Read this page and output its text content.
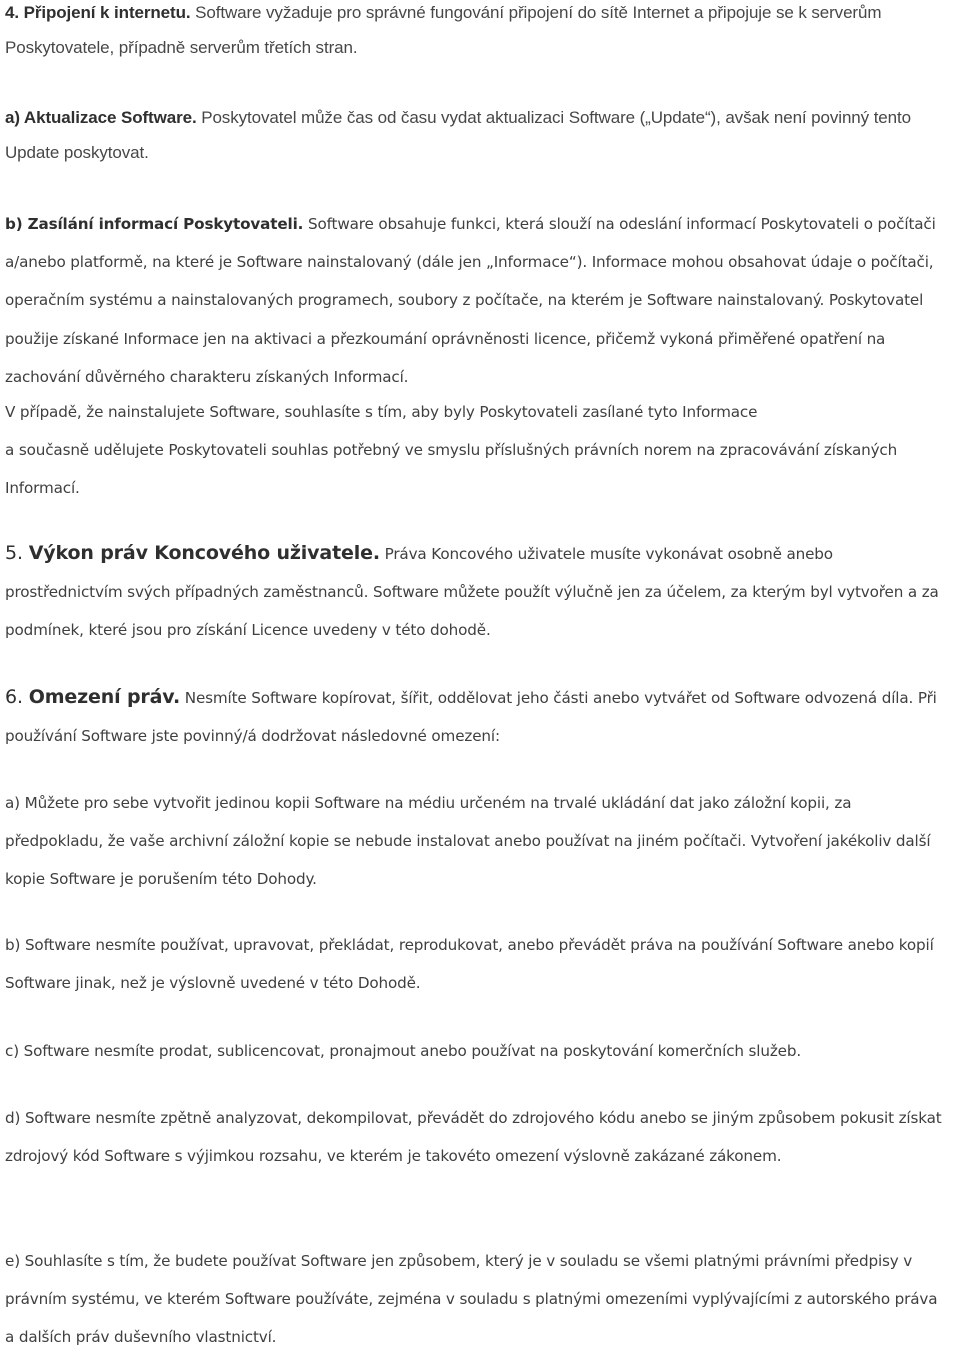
4. Připojení k internetu. Software vyžaduje pro správné fungování připojení do sítě Internet a připojuje se k serverům Poskytovatele, případně serverům třetích stran.

a) Aktualizace Software. Poskytovatel může čas od času vydat aktualizaci Software („Update“), avšak není povinný tento Update poskytovat.

b) Zasílání informací Poskytovateli. Software obsahuje funkci, která slouží na odeslání informací Poskytovateli o počítači a/anebo platformě, na které je Software nainstalovaný (dále jen „Informace“). Informace mohou obsahovat údaje o počítači, operačním systému a nainstalovaných programech, soubory z počítače, na kterém je Software nainstalovaný. Poskytovatel použije získané Informace jen na aktivaci a přezkoumání oprávněnosti licence, přičemž vykoná přiměřené opatření na zachování důvěrného charakteru získaných Informací.

V případě, že nainstalujete Software, souhlasíte s tím, aby byly Poskytovateli zasílané tyto Informace

a současně udělujete Poskytovateli souhlas potřebný ve smyslu příslušných právních norem na zpracovávání získaných Informací.

5. Výkon práv Koncového uživatele. Práva Koncového uživatele musíte vykonávat osobně anebo prostřednictvím svých případných zaměstnanců. Software můžete použít výlučně jen za účelem, za kterým byl vytvořen a za podmínek, které jsou pro získání Licence uvedeny v této dohodě.

6. Omezení práv. Nesmíte Software kopírovat, šířit, oddělovat jeho části anebo vytvářet od Software odvozená díla. Při používání Software jste povinný/á dodržovat následovné omezení:

a) Můžete pro sebe vytvořit jedinou kopii Software na médiu určeném na trvalé ukládání dat jako záložní kopii, za předpokladu, že vaše archivní záložní kopie se nebude instalovat anebo používat na jiném počítači. Vytvoření jakékoliv další kopie Software je porušením této Dohody.

b) Software nesmíte používat, upravovat, překládat, reprodukovat, anebo převádět práva na používání Software anebo kopií Software jinak, než je výslovně uvedené v této Dohodě.

c) Software nesmíte prodat, sublicencovat, pronajmout anebo používat na poskytování komerčních služeb.

d) Software nesmíte zpětně analyzovat, dekompilovat, převádět do zdrojového kódu anebo se jiným způsobem pokusit získat zdrojový kód Software s výjimkou rozsahu, ve kterém je takovéto omezení výslovně zakázané zákonem.

e) Souhlasíte s tím, že budete používat Software jen způsobem, který je v souladu se všemi platnými právními předpisy v právním systému, ve kterém Software používáte, zejména v souladu s platnými omezeními vyplývajícími z autorského práva a dalších práv duševního vlastnictví.
